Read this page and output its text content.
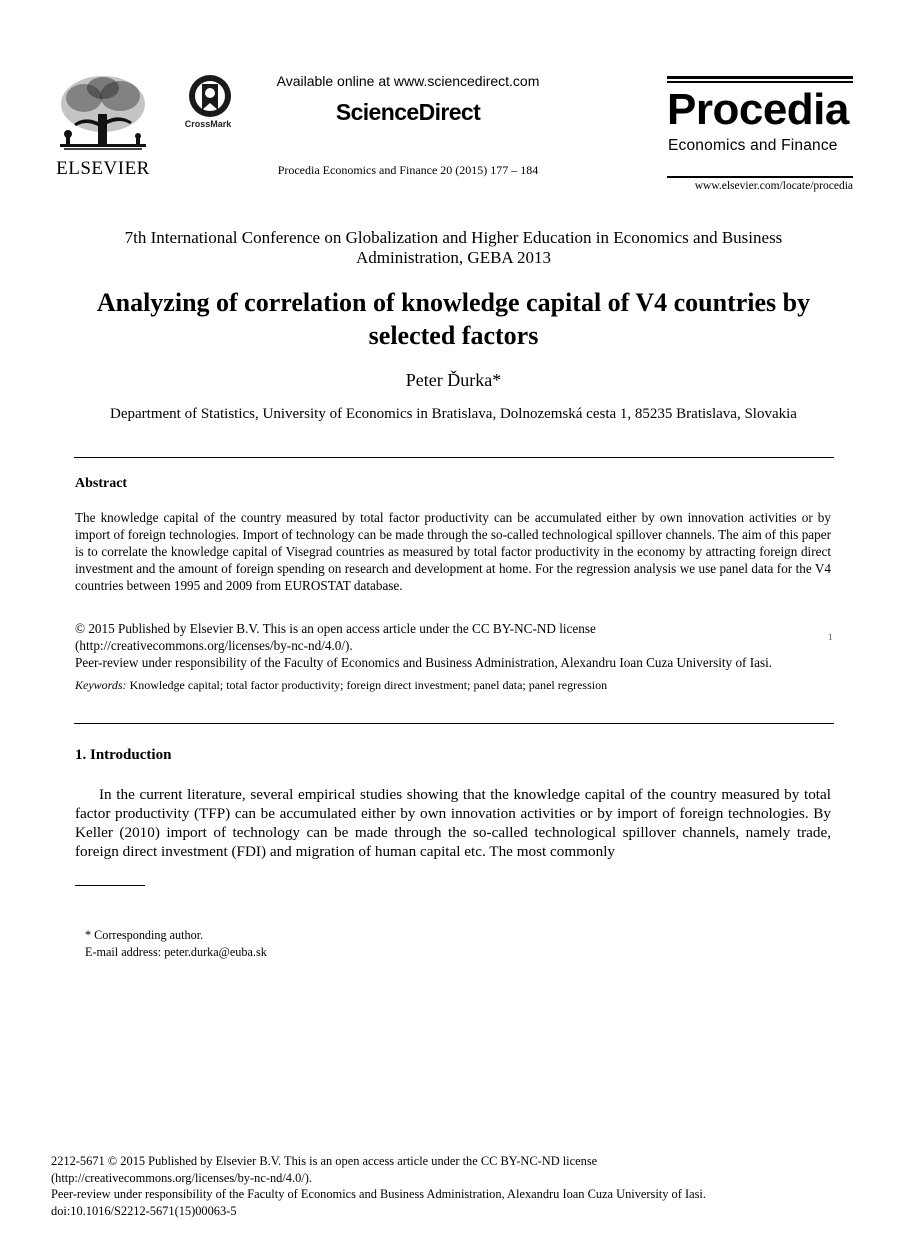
ELSEVIER
CrossMark
Available online at www.sciencedirect.com
ScienceDirect
Procedia Economics and Finance 20 (2015) 177 – 184
Procedia
Economics and Finance
www.elsevier.com/locate/procedia
7th International Conference on Globalization and Higher Education in Economics and Business Administration, GEBA 2013
Analyzing of correlation of knowledge capital of V4 countries by selected factors
Peter Ďurka*
Department of Statistics, University of Economics in Bratislava, Dolnozemská cesta 1, 85235 Bratislava, Slovakia
Abstract
The knowledge capital of the country measured by total factor productivity can be accumulated either by own innovation activities or by import of foreign technologies. Import of technology can be made through the so-called technological spillover channels. The aim of this paper is to correlate the knowledge capital of Visegrad countries as measured by total factor productivity in the economy by attracting foreign direct investment and the amount of foreign spending on research and development at home. For the regression analysis we use panel data for the V4 countries between 1995 and 2009 from EUROSTAT database.
© 2015 Published by Elsevier B.V. This is an open access article under the CC BY-NC-ND license
(http://creativecommons.org/licenses/by-nc-nd/4.0/).
Peer-review under responsibility of the Faculty of Economics and Business Administration, Alexandru Ioan Cuza University of Iasi.
1
Keywords: Knowledge capital; total factor productivity; foreign direct investment; panel data; panel regression
1. Introduction
In the current literature, several empirical studies showing that the knowledge capital of the country measured by total factor productivity (TFP) can be accumulated either by own innovation activities or by import of foreign technologies. By Keller (2010) import of technology can be made through the so-called technological spillover channels, namely trade, foreign direct investment (FDI) and migration of human capital etc. The most commonly
* Corresponding author.
E-mail address: peter.durka@euba.sk
2212-5671 © 2015 Published by Elsevier B.V. This is an open access article under the CC BY-NC-ND license
(http://creativecommons.org/licenses/by-nc-nd/4.0/).
Peer-review under responsibility of the Faculty of Economics and Business Administration, Alexandru Ioan Cuza University of Iasi.
doi:10.1016/S2212-5671(15)00063-5
